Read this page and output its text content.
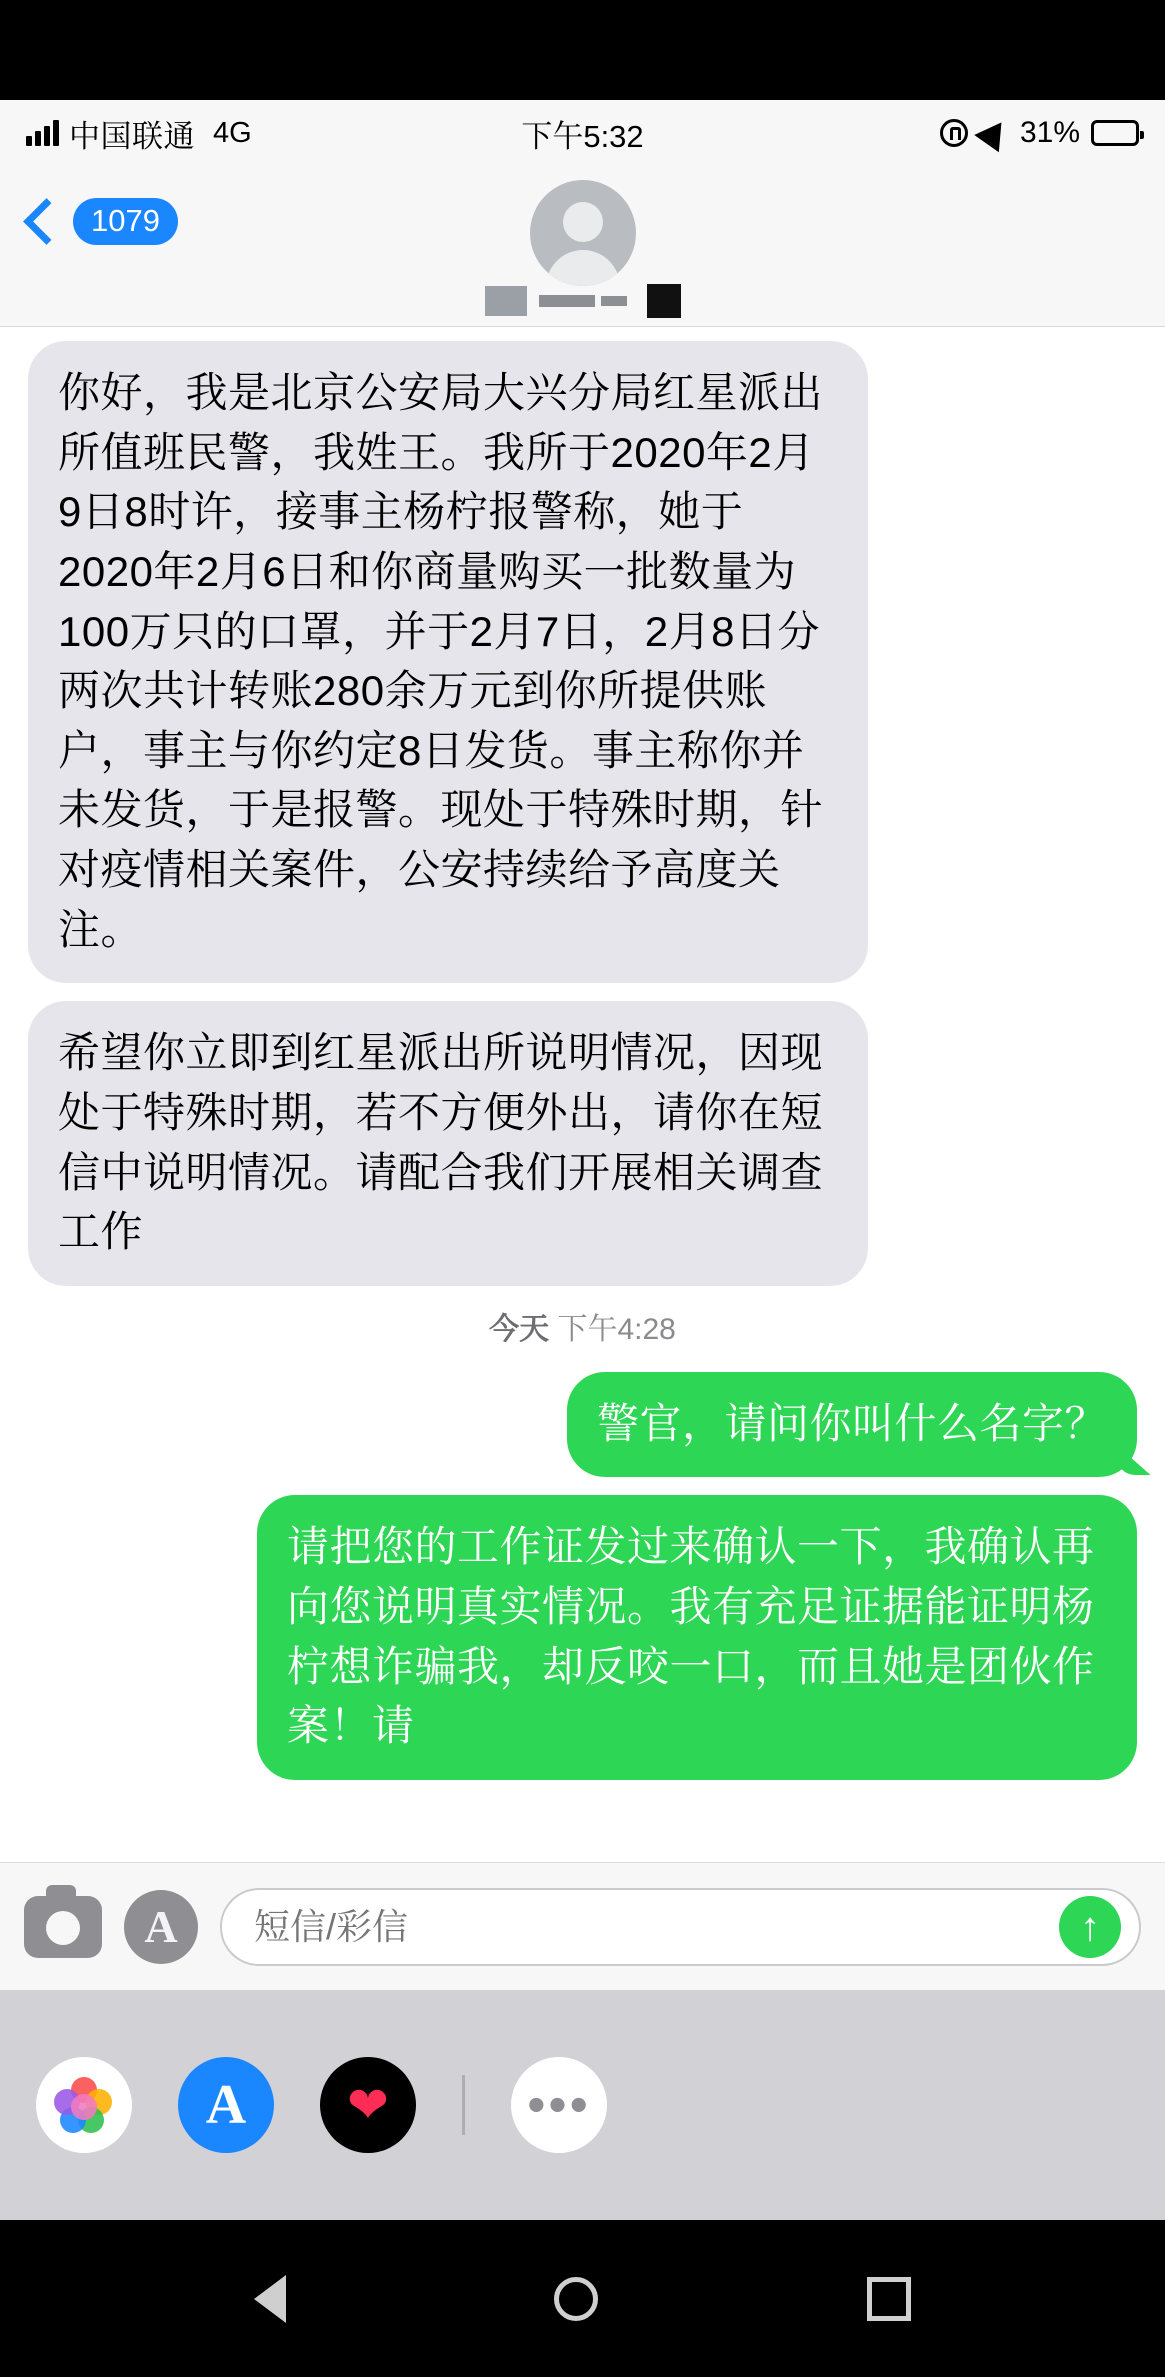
中国联通 4G	下午5:32	31%
1079
你好，我是北京公安局大兴分局红星派出所值班民警，我姓王。我所于2020年2月9日8时许，接事主杨柠报警称，她于2020年2月6日和你商量购买一批数量为100万只的口罩，并于2月7日，2月8日分两次共计转账280余万元到你所提供账户，事主与你约定8日发货。事主称你并未发货，于是报警。现处于特殊时期，针对疫情相关案件，公安持续给予高度关注。
希望你立即到红星派出所说明情况，因现处于特殊时期，若不方便外出，请你在短信中说明情况。请配合我们开展相关调查工作
今天 下午4:28
警官，请问你叫什么名字？
请把您的工作证发过来确认一下，我确认再向您说明真实情况。我有充足证据能证明杨柠想诈骗我，却反咬一口，而且她是团伙作案！请
A
短信/彩信	↑
A	❤	•••
